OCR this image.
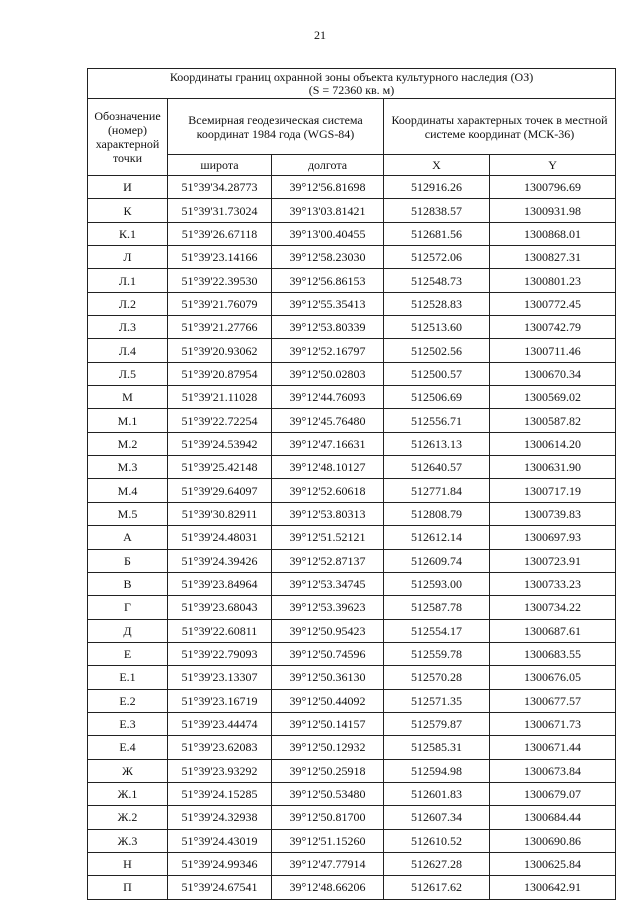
21
Координаты границ охранной зоны объекта культурного наследия (ОЗ)
(S = 72360 кв. м)				

Обозначение (номер) характерной точки	Всемирная геодезическая система координат 1984 года (WGS-84)		Координаты характерных точек в местной системе координат (МСК-36)	
	широта	долгота	X	Y
И	51°39'34.28773	39°12'56.81698	512916.26	1300796.69
К	51°39'31.73024	39°13'03.81421	512838.57	1300931.98
К.1	51°39'26.67118	39°13'00.40455	512681.56	1300868.01
Л	51°39'23.14166	39°12'58.23030	512572.06	1300827.31
Л.1	51°39'22.39530	39°12'56.86153	512548.73	1300801.23
Л.2	51°39'21.76079	39°12'55.35413	512528.83	1300772.45
Л.3	51°39'21.27766	39°12'53.80339	512513.60	1300742.79
Л.4	51°39'20.93062	39°12'52.16797	512502.56	1300711.46
Л.5	51°39'20.87954	39°12'50.02803	512500.57	1300670.34
М	51°39'21.11028	39°12'44.76093	512506.69	1300569.02
М.1	51°39'22.72254	39°12'45.76480	512556.71	1300587.82
М.2	51°39'24.53942	39°12'47.16631	512613.13	1300614.20
М.3	51°39'25.42148	39°12'48.10127	512640.57	1300631.90
М.4	51°39'29.64097	39°12'52.60618	512771.84	1300717.19
М.5	51°39'30.82911	39°12'53.80313	512808.79	1300739.83
А	51°39'24.48031	39°12'51.52121	512612.14	1300697.93
Б	51°39'24.39426	39°12'52.87137	512609.74	1300723.91
В	51°39'23.84964	39°12'53.34745	512593.00	1300733.23
Г	51°39'23.68043	39°12'53.39623	512587.78	1300734.22
Д	51°39'22.60811	39°12'50.95423	512554.17	1300687.61
Е	51°39'22.79093	39°12'50.74596	512559.78	1300683.55
Е.1	51°39'23.13307	39°12'50.36130	512570.28	1300676.05
Е.2	51°39'23.16719	39°12'50.44092	512571.35	1300677.57
Е.3	51°39'23.44474	39°12'50.14157	512579.87	1300671.73
Е.4	51°39'23.62083	39°12'50.12932	512585.31	1300671.44
Ж	51°39'23.93292	39°12'50.25918	512594.98	1300673.84
Ж.1	51°39'24.15285	39°12'50.53480	512601.83	1300679.07
Ж.2	51°39'24.32938	39°12'50.81700	512607.34	1300684.44
Ж.3	51°39'24.43019	39°12'51.15260	512610.52	1300690.86
Н	51°39'24.99346	39°12'47.77914	512627.28	1300625.84
П	51°39'24.67541	39°12'48.66206	512617.62	1300642.91
